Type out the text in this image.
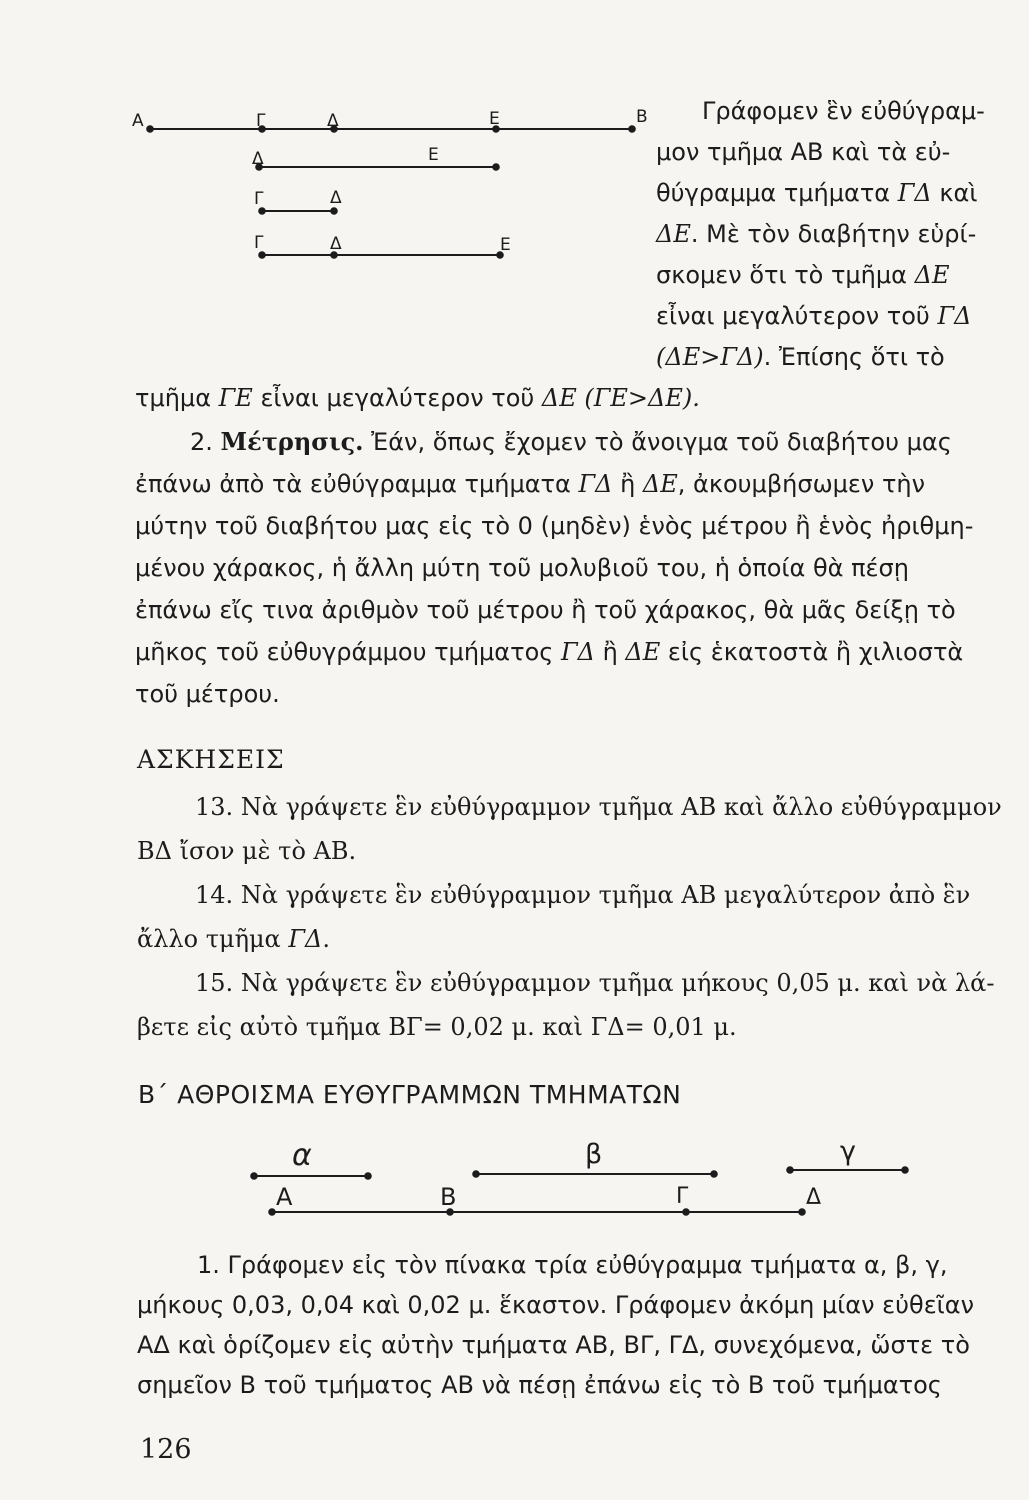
Α	Γ	Δ	Ε	Β
Δ	Ε
Γ	Δ
Γ	Δ	Ε
Γράφομεν ἓν εὐθύγραμ-
μον τμῆμα ΑΒ καὶ τὰ εὐ-
θύγραμμα τμήματα ΓΔ καὶ
ΔΕ. Μὲ τὸν διαβήτην εὑρί-
σκομεν ὅτι τὸ τμῆμα ΔΕ
εἶναι μεγαλύτερον τοῦ ΓΔ
(ΔΕ>ΓΔ). Ἐπίσης ὅτι τὸ
τμῆμα ΓΕ εἶναι μεγαλύτερον τοῦ ΔΕ (ΓΕ>ΔΕ).
2. Μέτρησις. Ἐάν, ὅπως ἔχομεν τὸ ἄνοιγμα τοῦ διαβήτου μας
ἐπάνω ἀπὸ τὰ εὐθύγραμμα τμήματα ΓΔ ἢ ΔΕ, ἀκουμβήσωμεν τὴν
μύτην τοῦ διαβήτου μας εἰς τὸ 0 (μηδὲν) ἑνὸς μέτρου ἢ ἑνὸς ἠριθμη-
μένου χάρακος, ἡ ἄλλη μύτη τοῦ μολυβιοῦ του, ἡ ὁποία θὰ πέσῃ
ἐπάνω εἴς τινα ἀριθμὸν τοῦ μέτρου ἢ τοῦ χάρακος, θὰ μᾶς δείξῃ τὸ
μῆκος τοῦ εὐθυγράμμου τμήματος ΓΔ ἢ ΔΕ εἰς ἑκατοστὰ ἢ χιλιοστὰ
τοῦ μέτρου.
ΑΣΚΗΣΕΙΣ
13. Νὰ γράψετε ἓν εὐθύγραμμον τμῆμα ΑΒ καὶ ἄλλο εὐθύγραμμον
ΒΔ ἴσον μὲ τὸ ΑΒ.
14. Νὰ γράψετε ἓν εὐθύγραμμον τμῆμα ΑΒ μεγαλύτερον ἀπὸ ἓν
ἄλλο τμῆμα ΓΔ.
15. Νὰ γράψετε ἓν εὐθύγραμμον τμῆμα μήκους 0,05 μ. καὶ νὰ λά-
βετε εἰς αὐτὸ τμῆμα ΒΓ= 0,02 μ. καὶ ΓΔ= 0,01 μ.
Β΄ ΑΘΡΟΙΣΜΑ ΕΥΘΥΓΡΑΜΜΩΝ ΤΜΗΜΑΤΩΝ
α	β	γ
Α	Β	Γ	Δ
1. Γράφομεν εἰς τὸν πίνακα τρία εὐθύγραμμα τμήματα α, β, γ,
μήκους 0,03, 0,04 καὶ 0,02 μ. ἕκαστον. Γράφομεν ἀκόμη μίαν εὐθεῖαν
ΑΔ καὶ ὁρίζομεν εἰς αὐτὴν τμήματα ΑΒ, ΒΓ, ΓΔ, συνεχόμενα, ὥστε τὸ
σημεῖον Β τοῦ τμήματος ΑΒ νὰ πέσῃ ἐπάνω εἰς τὸ Β τοῦ τμήματος
126
